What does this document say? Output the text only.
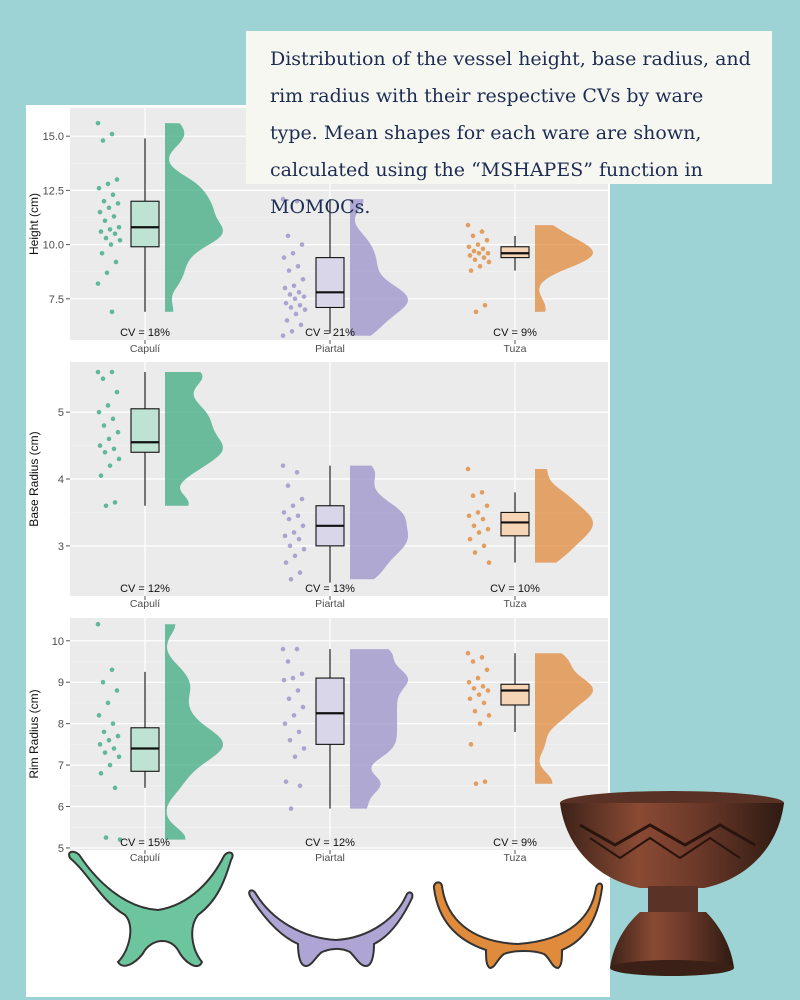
7.5
10.0
12.5
15.0
Height (cm)
CV = 18%
Capulí
CV = 21%
Piartal
CV = 9%
Tuza
3
4
5
Base Radius (cm)
CV = 12%
Capulí
CV = 13%
Piartal
CV = 10%
Tuza
5
6
7
8
9
10
Rim Radius (cm)
CV = 15%
Capulí
CV = 12%
Piartal
CV = 9%
Tuza
Distribution of the vessel height, base radius, and rim radius with their respective CVs by ware type. Mean shapes for each ware are shown, calculated using the “MSHAPES” function in MOMOCs.
